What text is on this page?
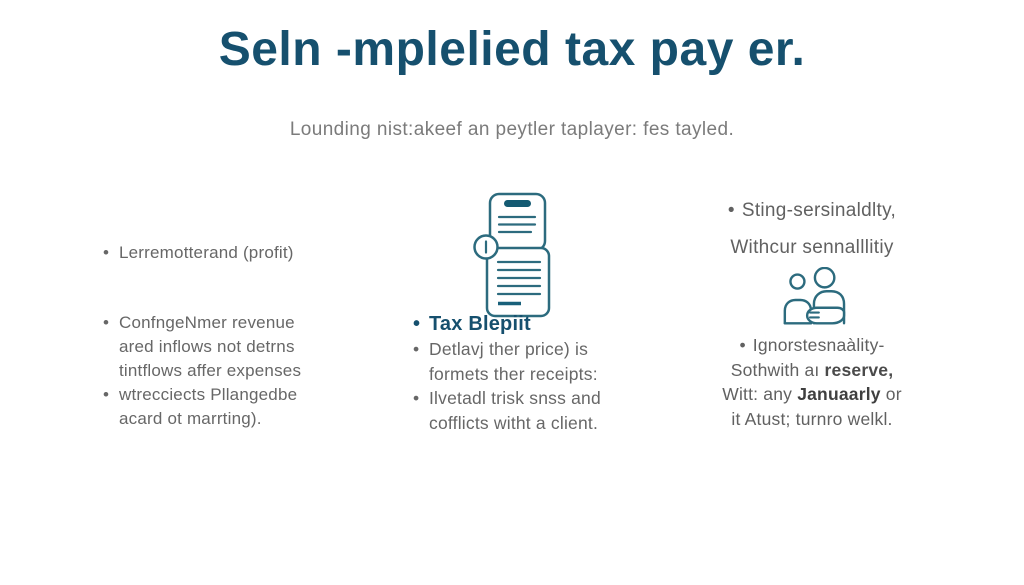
Seln -mplelied tax pay er.

Lounding nist:akeef an peytler taplayer: fes tayled.

• Lerremotterand (profit)
• ConfngeNmer revenue
ared inflows not detrns
tintflows affer expenses
• wtrecciects Pllangedbe
acard ot marrting).
• Tax Blepiit
• Detlavj ther price) is
formets ther receipts:
• Ilvetadl trisk snss and
cofflicts witht a client.
• Sting-sersinaldlty,
Withcur sennalllitiy
• Ignorstesnaàlity-
Sothwith aı reserve,
Witt: any Januaarly or
it Atust; turnro welkl.
